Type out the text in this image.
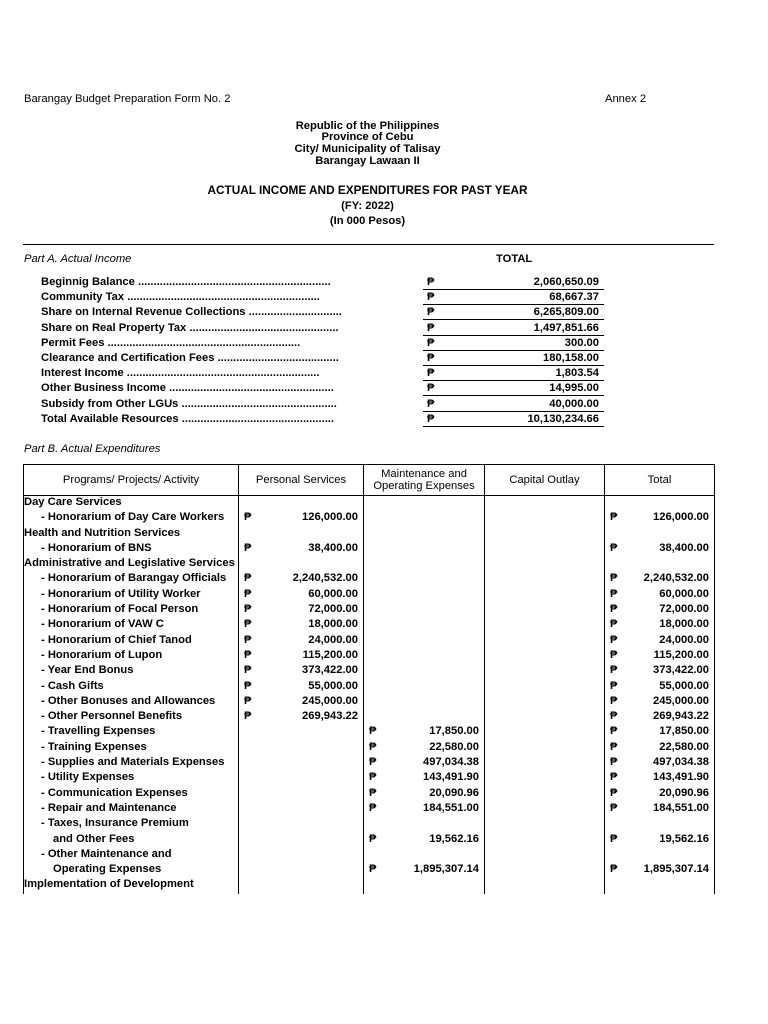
Barangay Budget Preparation Form No. 2	Annex 2
Republic of the Philippines
Province of Cebu
City/ Municipality of Talisay
Barangay Lawaan II
ACTUAL INCOME AND EXPENDITURES FOR PAST YEAR
(FY: 2022)
(In 000 Pesos)
Part A. Actual Income	TOTAL
Beginnig Balance ..............................................................	₱	2,060,650.09
Community Tax ..............................................................	₱	68,667.37
Share on Internal Revenue Collections ..............................	₱	6,265,809.00
Share on Real Property Tax ................................................	₱	1,497,851.66
Permit Fees ..............................................................	₱	300.00
Clearance and Certification Fees .......................................	₱	180,158.00
Interest Income ..............................................................	₱	1,803.54
Other Business Income .....................................................	₱	14,995.00
Subsidy from Other LGUs ..................................................	₱	40,000.00
Total Available Resources .................................................	₱	10,130,234.66
Part B. Actual Expenditures
Programs/ Projects/ Activity	Personal Services	Maintenance and
Operating Expenses	Capital Outlay	Total
Day Care Services				
- Honorarium of Day Care Workers	₱ 126,000.00			₱ 126,000.00

Health and Nutrition Services				
- Honorarium of BNS	₱ 38,400.00			₱ 38,400.00

Administrative and Legislative Services				
- Honorarium of Barangay Officials	₱ 2,240,532.00			₱ 2,240,532.00

- Honorarium of Utility Worker	₱ 60,000.00			₱ 60,000.00

- Honorarium of Focal Person	₱ 72,000.00			₱ 72,000.00

- Honorarium of VAW C	₱ 18,000.00			₱ 18,000.00

- Honorarium of Chief Tanod	₱ 24,000.00			₱ 24,000.00

- Honorarium of Lupon	₱ 115,200.00			₱ 115,200.00

- Year End Bonus	₱ 373,422.00			₱ 373,422.00

- Cash Gifts	₱ 55,000.00			₱ 55,000.00

- Other Bonuses and Allowances	₱ 245,000.00			₱ 245,000.00

- Other Personnel Benefits	₱ 269,943.22			₱ 269,943.22

- Travelling Expenses		₱ 17,850.00		₱ 17,850.00

- Training Expenses		₱ 22,580.00		₱ 22,580.00

- Supplies and Materials Expenses		₱ 497,034.38		₱ 497,034.38

- Utility Expenses		₱ 143,491.90		₱ 143,491.90

- Communication Expenses		₱ 20,090.96		₱ 20,090.96

- Repair and Maintenance		₱ 184,551.00		₱ 184,551.00

- Taxes, Insurance Premium				
and Other Fees		₱ 19,562.16		₱ 19,562.16

- Other Maintenance and				
Operating Expenses		₱ 1,895,307.14		₱ 1,895,307.14

Implementation of Development				
